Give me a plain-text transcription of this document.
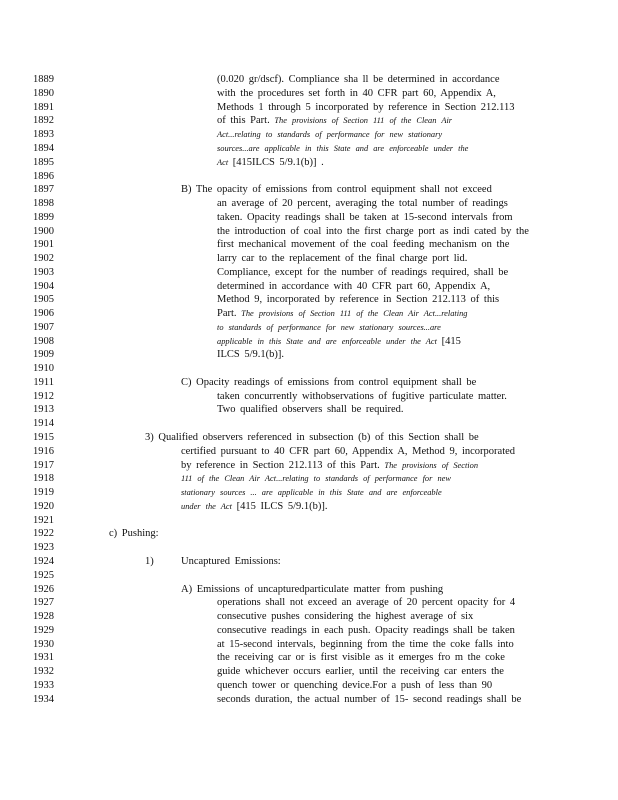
1889
1890
1891
1892
1893
1894
1895
1896
1897
1898
1899
1900
1901
1902
1903
1904
1905
1906
1907
1908
1909
1910
1911
1912
1913
1914
1915
1916
1917
1918
1919
1920
1921
1922
1923
1924
1925
1926
1927
1928
1929
1930
1931
1932
1933
1934
(0.020 gr/dscf). Compliance sha ll be determined in accordance
with the procedures set forth in 40 CFR part 60, Appendix A,
Methods 1 through 5 incorporated by reference in Section 212.113
of this Part. The provisions of Section 111 of the Clean Air
Act...relating to standards of performance for new stationary
sources...are applicable in this State and are enforceable under the
Act [415ILCS 5/9.1(b)] .
B) The opacity of emissions from control equipment shall not exceed
an average of 20 percent, averaging the total number of readings
taken. Opacity readings shall be taken at 15-second intervals from
the introduction of coal into the first charge port as indi cated by the
first mechanical movement of the coal feeding mechanism on the
larry car to the replacement of the final charge port lid.
Compliance, except for the number of readings required, shall be
determined in accordance with 40 CFR part 60, Appendix A,
Method 9, incorporated by reference in Section 212.113 of this
Part. The provisions of Section 111 of the Clean Air Act...relating
to standards of performance for new stationary sources...are
applicable in this State and are enforceable under the Act [415
ILCS 5/9.1(b)].
C) Opacity readings of emissions from control equipment shall be
taken concurrently withobservations of fugitive particulate matter.
Two qualified observers shall be required.
3) Qualified observers referenced in subsection (b) of this Section shall be
certified pursuant to 40 CFR part 60, Appendix A, Method 9, incorporated
by reference in Section 212.113 of this Part. The provisions of Section
111 of the Clean Air Act...relating to standards of performance for new
stationary sources ... are applicable in this State and are enforceable
under the Act [415 ILCS 5/9.1(b)].
c) Pushing:
1)	Uncaptured Emissions:
A) Emissions of uncapturedparticulate matter from pushing
operations shall not exceed an average of 20 percent opacity for 4
consecutive pushes considering the highest average of six
consecutive readings in each push. Opacity readings shall be taken
at 15-second intervals, beginning from the time the coke falls into
the receiving car or is first visible as it emerges fro m the coke
guide whichever occurs earlier, until the receiving car enters the
quench tower or quenching device.For a push of less than 90
seconds duration, the actual number of 15- second readings shall be
